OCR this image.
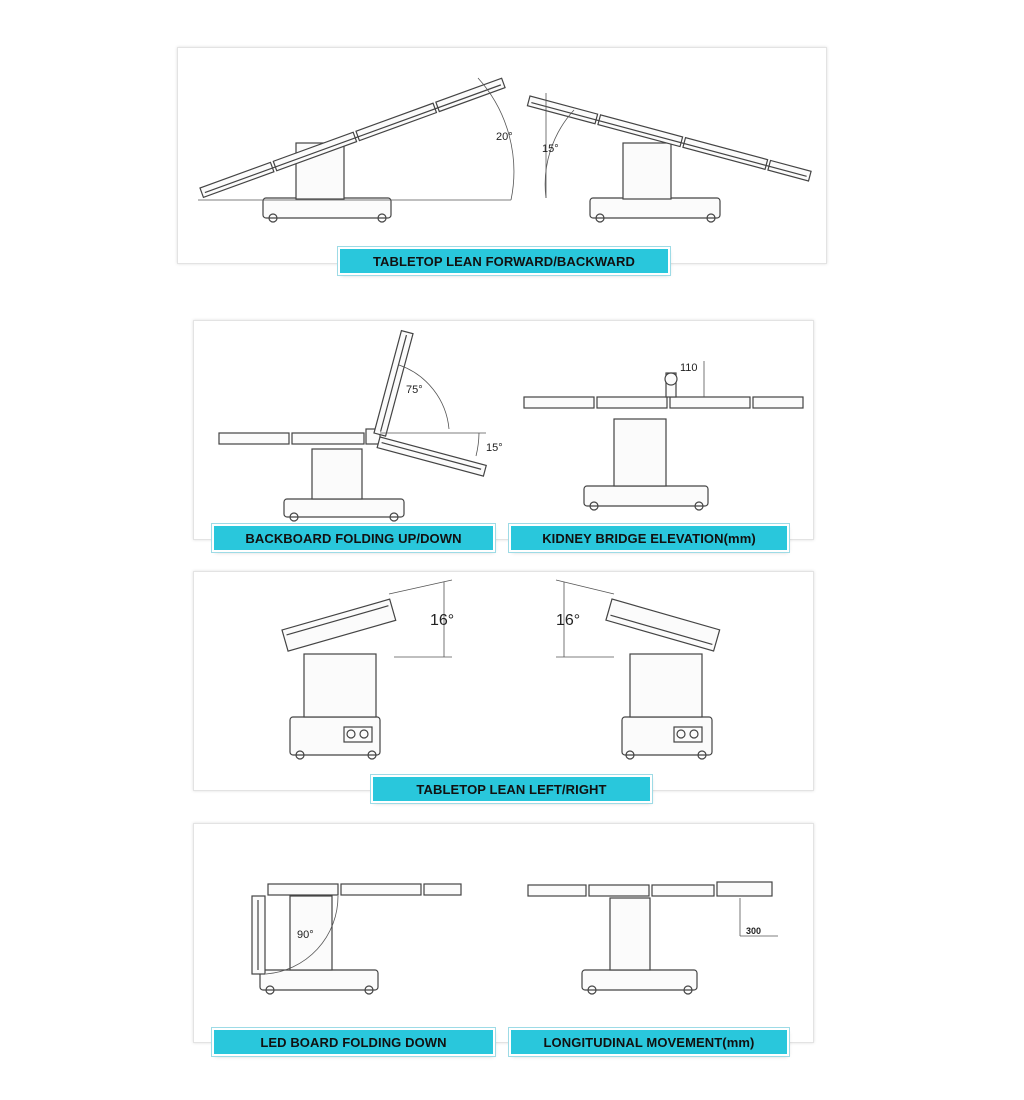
20°
15°
TABLETOP LEAN FORWARD/BACKWARD
75°
15°
110
BACKBOARD FOLDING UP/DOWN	KIDNEY BRIDGE ELEVATION(mm)
16°	16°
TABLETOP LEAN LEFT/RIGHT
90°	300
LED BOARD FOLDING DOWN	LONGITUDINAL MOVEMENT(mm)
